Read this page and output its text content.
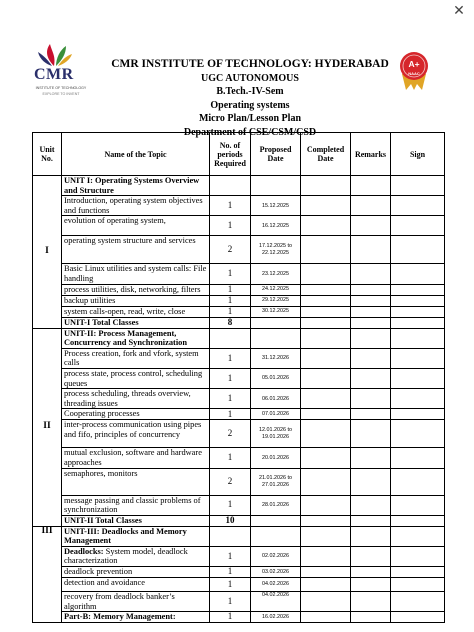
✕
CMR
INSTITUTE OF TECHNOLOGY
EXPLORE TO INVENT
A+
NAAC
CMR INSTITUTE OF TECHNOLOGY: HYDERABAD
UGC AUTONOMOUS
B.Tech.-IV-Sem
Operating systems
Micro Plan/Lesson Plan
Department of CSE/CSM/CSD
Unit No.	Name of the Topic	No. of periods Required	Proposed Date	Completed Date	Remarks	Sign
I	UNIT I: Operating Systems Overview and Structure					
	Introduction, operating system objectives and functions	1	15.12.2025			
	evolution of operating system,	1	16.12.2025			
	operating system structure and services	2	17.12.2025 to 22.12.2025			
	Basic Linux utilities and system calls: File handling	1	23.12.2025			
	process utilities, disk, networking, filters	1	24.12.2025			
	backup utilities	1	29.12.2025			
	system calls-open, read, write, close	1	30.12.2025			
	UNIT-I Total Classes	8				
II	UNIT-II: Process Management, Concurrency and Synchronization					
	Process creation, fork and vfork, system calls	1	31.12.2026			
	process state, process control, scheduling queues	1	05.01.2026			
	process scheduling, threads overview, threading issues	1	06.01.2026			
	Cooperating processes	1	07.01.2026			
	inter-process communication using pipes and fifo, principles of concurrency	2	12.01.2026 to 19.01.2026			
	mutual exclusion, software and hardware approaches	1	20.01.2026			
	semaphores, monitors	2	21.01.2026 to 27.01.2026			
	message passing and classic problems of synchronization	1	28.01.2026			
	UNIT-II Total Classes	10				
III	UNIT-III: Deadlocks and Memory Management					
	Deadlocks: System model, deadlock characterization	1	02.02.2026			
	deadlock prevention	1	03.02.2026			
	detection and avoidance	1	04.02.2026			
	recovery from deadlock banker’s algorithm	1	04.02.2026			
	Part-B: Memory Management:	1	16.02.2026			
